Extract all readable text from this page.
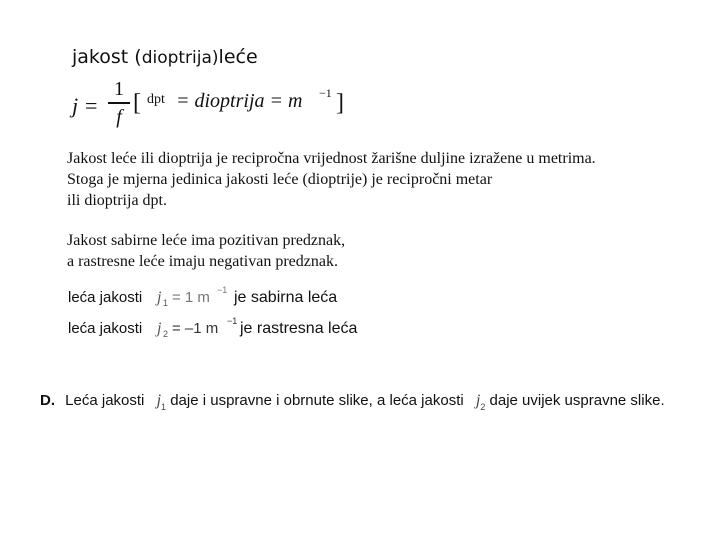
jakost (dioptrija)leće
j =
1
f
[ dpt = dioptrija = m −1 ]
Jakost leće ili dioptrija je recipročna vrijednost žarišne duljine izražene u metrima.
Stoga je mjerna jedinica jakosti leće (dioptrije) je recipročni metar
ili dioptrija dpt.
Jakost sabirne leće ima pozitivan predznak,
a rastresne leće imaju negativan predznak.
leća jakosti j 1 = 1 m −1 je sabirna leća
leća jakosti j 2 = –1 m −1 je rastresna leća
D. Leća jakosti $j_1$ daje i uspravne i obrnute slike, a leća jakosti $j_2$ daje uvijek uspravne slike.
